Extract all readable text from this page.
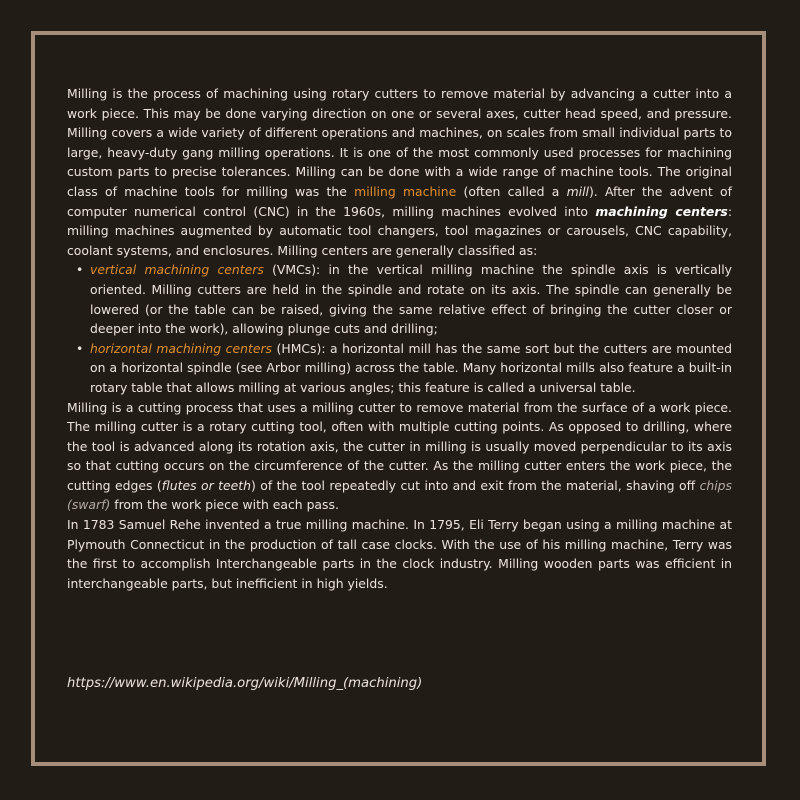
Milling is the process of machining using rotary cutters to remove material by advancing a cutter into a work piece. This may be done varying direction on one or several axes, cutter head speed, and pressure. Milling covers a wide variety of different operations and machines, on scales from small individual parts to large, heavy-duty gang milling operations. It is one of the most commonly used processes for machining custom parts to precise tolerances. Milling can be done with a wide range of machine tools. The original class of machine tools for milling was the milling machine (often called a mill). After the advent of computer numerical control (CNC) in the 1960s, milling machines evolved into machining centers: milling machines augmented by automatic tool changers, tool magazines or carousels, CNC capability, coolant systems, and enclosures. Milling centers are generally classified as:

• vertical machining centers (VMCs): in the vertical milling machine the spindle axis is vertically oriented. Milling cutters are held in the spindle and rotate on its axis. The spindle can generally be lowered (or the table can be raised, giving the same relative effect of bringing the cutter closer or deeper into the work), allowing plunge cuts and drilling;
• horizontal machining centers (HMCs): a horizontal mill has the same sort but the cutters are mounted on a horizontal spindle (see Arbor milling) across the table. Many horizontal mills also feature a built-in rotary table that allows milling at various angles; this feature is called a universal table.

Milling is a cutting process that uses a milling cutter to remove material from the surface of a work piece. The milling cutter is a rotary cutting tool, often with multiple cutting points. As opposed to drilling, where the tool is advanced along its rotation axis, the cutter in milling is usually moved perpendicular to its axis so that cutting occurs on the circumference of the cutter. As the milling cutter enters the work piece, the cutting edges (flutes or teeth) of the tool repeatedly cut into and exit from the material, shaving off chips (swarf) from the work piece with each pass.

In 1783 Samuel Rehe invented a true milling machine. In 1795, Eli Terry began using a milling machine at Plymouth Connecticut in the production of tall case clocks. With the use of his milling machine, Terry was the first to accomplish Interchangeable parts in the clock industry. Milling wooden parts was efficient in interchangeable parts, but inefficient in high yields.

https://www.en.wikipedia.org/wiki/Milling_(machining)
